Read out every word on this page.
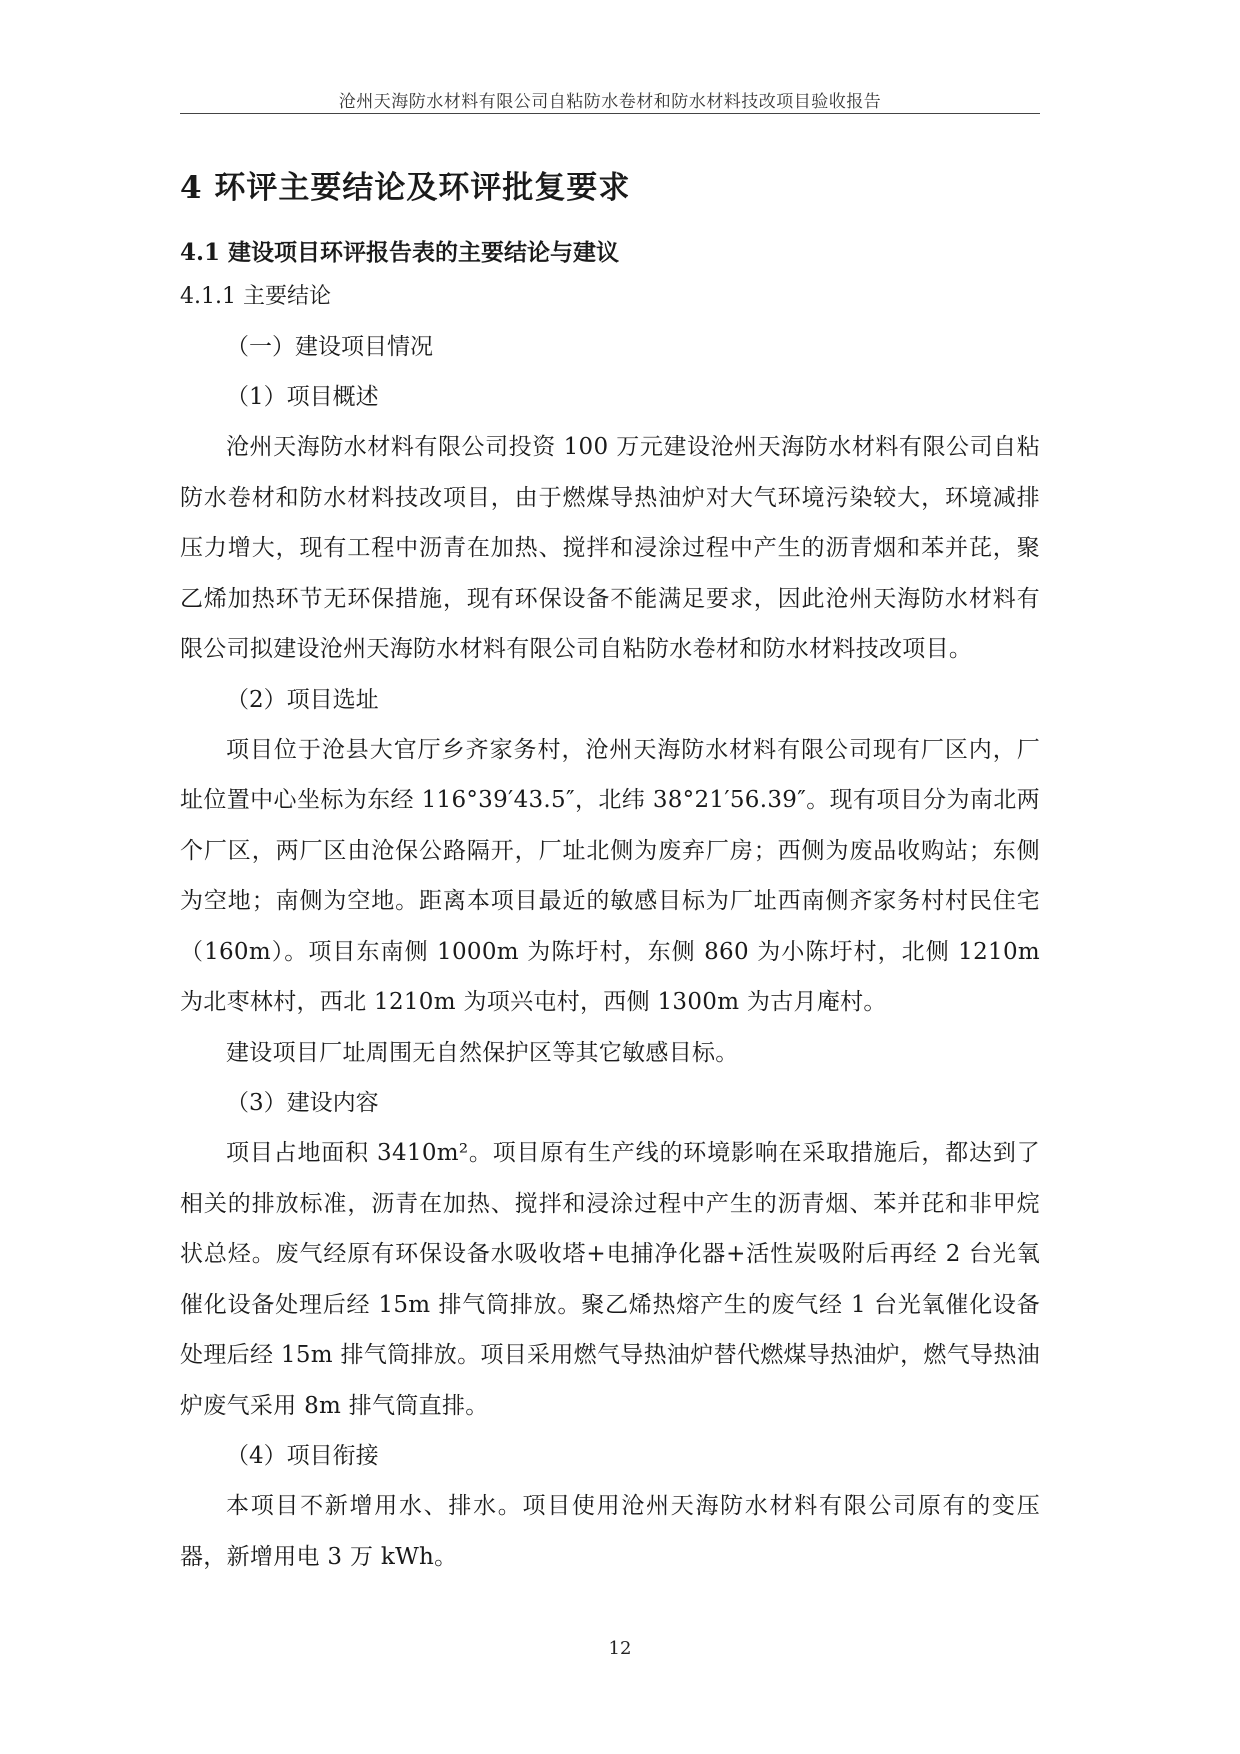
沧州天海防水材料有限公司自粘防水卷材和防水材料技改项目验收报告
4 环评主要结论及环评批复要求
4.1 建设项目环评报告表的主要结论与建议
4.1.1 主要结论
（一）建设项目情况
（1）项目概述

沧州天海防水材料有限公司投资 100 万元建设沧州天海防水材料有限公司自粘防水卷材和防水材料技改项目，由于燃煤导热油炉对大气环境污染较大，环境减排压力增大，现有工程中沥青在加热、搅拌和浸涂过程中产生的沥青烟和苯并芘，聚乙烯加热环节无环保措施，现有环保设备不能满足要求，因此沧州天海防水材料有限公司拟建设沧州天海防水材料有限公司自粘防水卷材和防水材料技改项目。

（2）项目选址

项目位于沧县大官厅乡齐家务村，沧州天海防水材料有限公司现有厂区内，厂址位置中心坐标为东经 116°39′43.5″，北纬 38°21′56.39″。现有项目分为南北两个厂区，两厂区由沧保公路隔开，厂址北侧为废弃厂房；西侧为废品收购站；东侧为空地；南侧为空地。距离本项目最近的敏感目标为厂址西南侧齐家务村村民住宅（160m）。项目东南侧 1000m 为陈圩村，东侧 860 为小陈圩村，北侧 1210m 为北枣林村，西北 1210m 为项兴屯村，西侧 1300m 为古月庵村。

建设项目厂址周围无自然保护区等其它敏感目标。

（3）建设内容

项目占地面积 3410m²。项目原有生产线的环境影响在采取措施后，都达到了相关的排放标准，沥青在加热、搅拌和浸涂过程中产生的沥青烟、苯并芘和非甲烷状总烃。废气经原有环保设备水吸收塔+电捕净化器+活性炭吸附后再经 2 台光氧催化设备处理后经 15m 排气筒排放。聚乙烯热熔产生的废气经 1 台光氧催化设备处理后经 15m 排气筒排放。项目采用燃气导热油炉替代燃煤导热油炉，燃气导热油炉废气采用 8m 排气筒直排。

（4）项目衔接

本项目不新增用水、排水。项目使用沧州天海防水材料有限公司原有的变压器，新增用电 3 万 kWh。

12
